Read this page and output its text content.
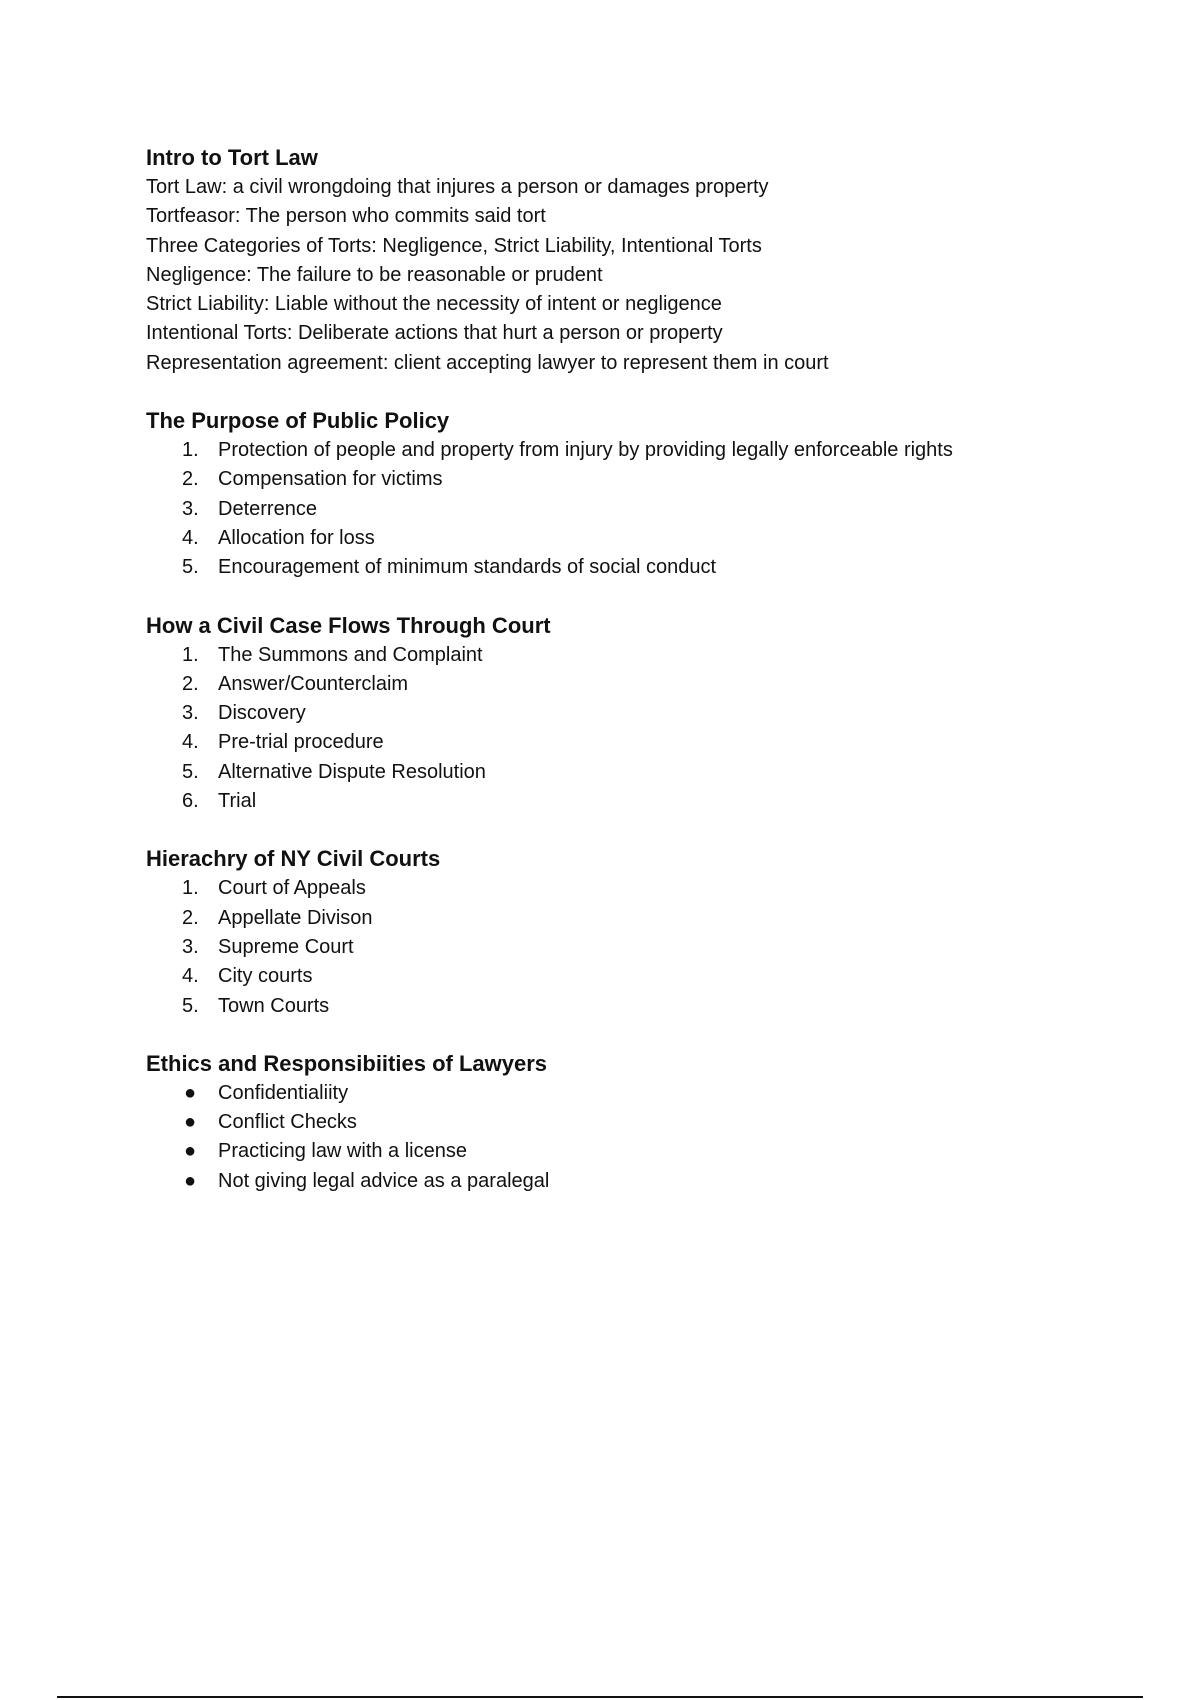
Intro to Tort Law

Tort Law: a civil wrongdoing that injures a person or damages property

Tortfeasor: The person who commits said tort

Three Categories of Torts: Negligence, Strict Liability, Intentional Torts

Negligence: The failure to be reasonable or prudent

Strict Liability: Liable without the necessity of intent or negligence

Intentional Torts: Deliberate actions that hurt a person or property

Representation agreement: client accepting lawyer to represent them in court

The Purpose of Public Policy
1. Protection of people and property from injury by providing legally enforceable rights
2. Compensation for victims
3. Deterrence
4. Allocation for loss
5. Encouragement of minimum standards of social conduct
How a Civil Case Flows Through Court
1. The Summons and Complaint
2. Answer/Counterclaim
3. Discovery
4. Pre-trial procedure
5. Alternative Dispute Resolution
6. Trial
Hierachry of NY Civil Courts
1. Court of Appeals
2. Appellate Divison
3. Supreme Court
4. City courts
5. Town Courts
Ethics and Responsibiities of Lawyers
● Confidentialiity
● Conflict Checks
● Practicing law with a license
● Not giving legal advice as a paralegal
